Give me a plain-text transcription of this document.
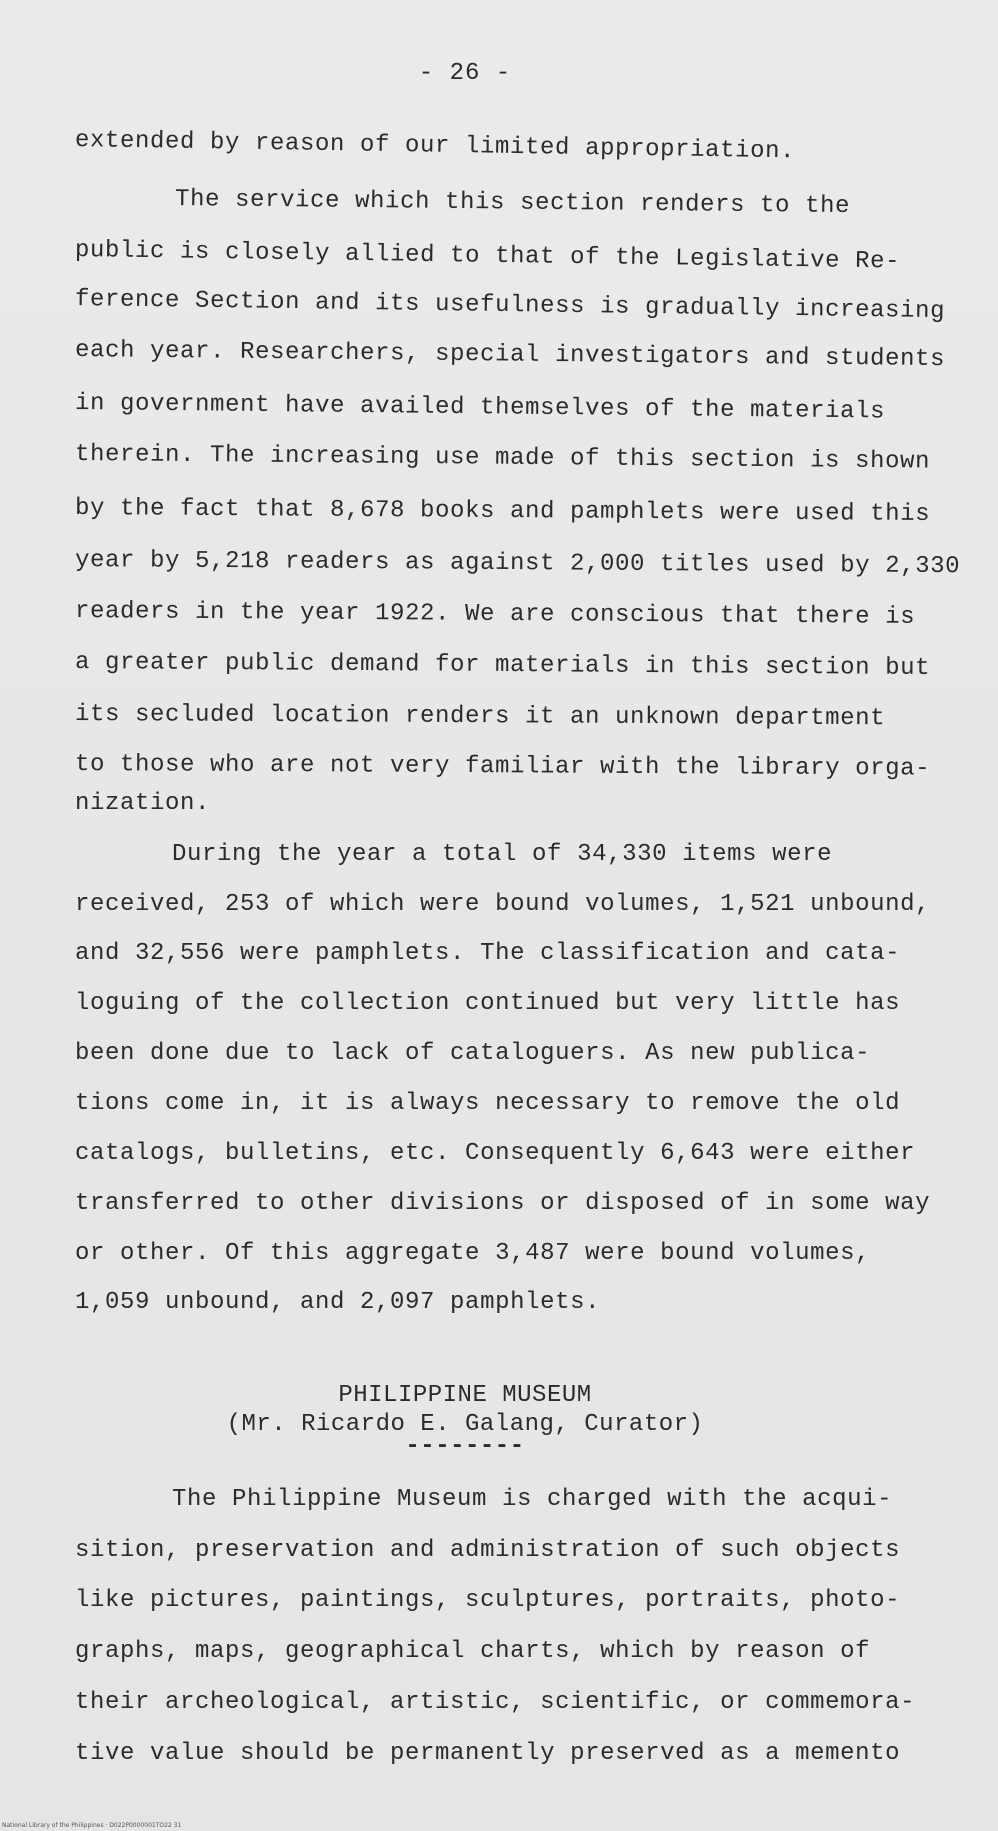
- 26 -
extended by reason of our limited appropriation.
The service which this section renders to the
public is closely allied to that of the Legislative Re-
ference Section and its usefulness is gradually increasing
each year. Researchers, special investigators and students
in government have availed themselves of the materials
therein. The increasing use made of this section is shown
by the fact that 8,678 books and pamphlets were used this
year by 5,218 readers as against 2,000 titles used by 2,330
readers in the year 1922. We are conscious that there is
a greater public demand for materials in this section but
its secluded location renders it an unknown department
to those who are not very familiar with the library orga-
nization.
During the year a total of 34,330 items were
received, 253 of which were bound volumes, 1,521 unbound,
and 32,556 were pamphlets. The classification and cata-
loguing of the collection continued but very little has
been done due to lack of cataloguers. As new publica-
tions come in, it is always necessary to remove the old
catalogs, bulletins, etc. Consequently 6,643 were either
transferred to other divisions or disposed of in some way
or other. Of this aggregate 3,487 were bound volumes,
1,059 unbound, and 2,097 pamphlets.
PHILIPPINE MUSEUM
(Mr. Ricardo E. Galang, Curator)
--------
The Philippine Museum is charged with the acqui-
sition, preservation and administration of such objects
like pictures, paintings, sculptures, portraits, photo-
graphs, maps, geographical charts, which by reason of
their archeological, artistic, scientific, or commemora-
tive value should be permanently preserved as a memento
National Library of the Philippines · D022P0000001TO22 31
